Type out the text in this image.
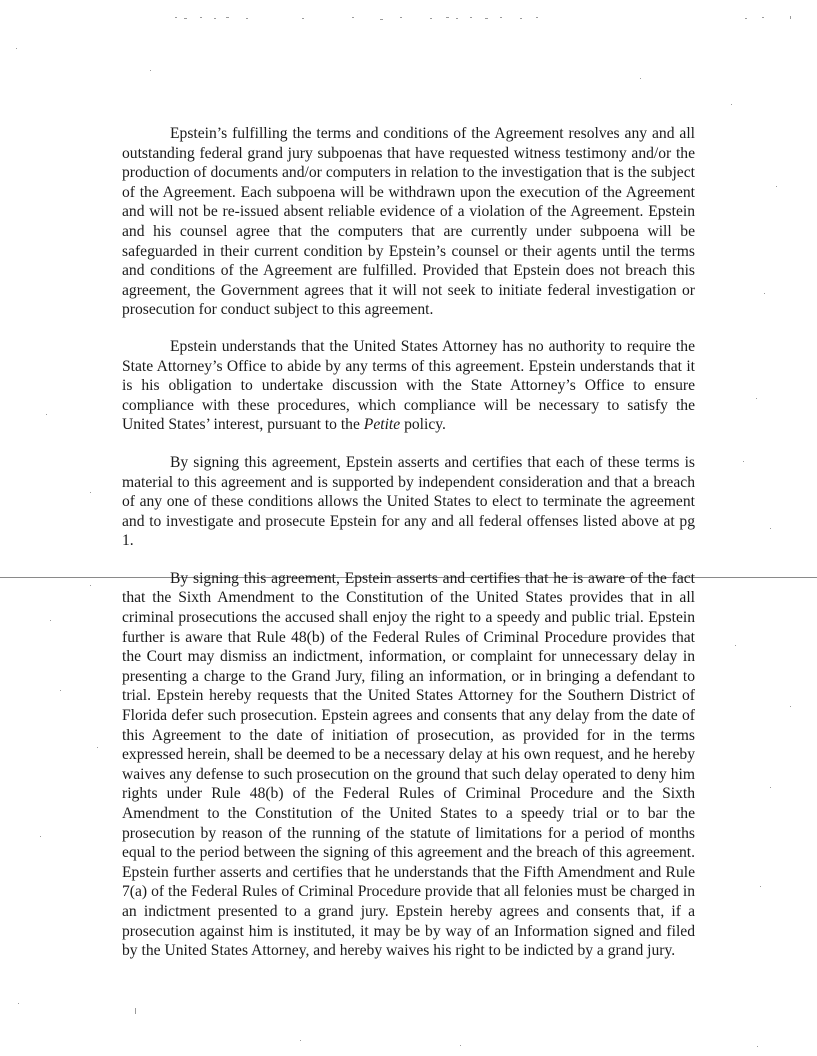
Epstein’s fulfilling the terms and conditions of the Agreement resolves any and all outstanding federal grand jury subpoenas that have requested witness testimony and/or the production of documents and/or computers in relation to the investigation that is the subject of the Agreement. Each subpoena will be withdrawn upon the execution of the Agreement and will not be re-issued absent reliable evidence of a violation of the Agreement. Epstein and his counsel agree that the computers that are currently under subpoena will be safeguarded in their current condition by Epstein’s counsel or their agents until the terms and conditions of the Agreement are fulfilled. Provided that Epstein does not breach this agreement, the Government agrees that it will not seek to initiate federal investigation or prosecution for conduct subject to this agreement.

Epstein understands that the United States Attorney has no authority to require the State Attorney’s Office to abide by any terms of this agreement. Epstein understands that it is his obligation to undertake discussion with the State Attorney’s Office to ensure compliance with these procedures, which compliance will be necessary to satisfy the United States’ interest, pursuant to the Petite policy.

By signing this agreement, Epstein asserts and certifies that each of these terms is material to this agreement and is supported by independent consideration and that a breach of any one of these conditions allows the United States to elect to terminate the agreement and to investigate and prosecute Epstein for any and all federal offenses listed above at pg 1.

By signing this agreement, Epstein asserts and certifies that he is aware of the fact that the Sixth Amendment to the Constitution of the United States provides that in all criminal prosecutions the accused shall enjoy the right to a speedy and public trial. Epstein further is aware that Rule 48(b) of the Federal Rules of Criminal Procedure provides that the Court may dismiss an indictment, information, or complaint for unnecessary delay in presenting a charge to the Grand Jury, filing an information, or in bringing a defendant to trial. Epstein hereby requests that the United States Attorney for the Southern District of Florida defer such prosecution. Epstein agrees and consents that any delay from the date of this Agreement to the date of initiation of prosecution, as provided for in the terms expressed herein, shall be deemed to be a necessary delay at his own request, and he hereby waives any defense to such prosecution on the ground that such delay operated to deny him rights under Rule 48(b) of the Federal Rules of Criminal Procedure and the Sixth Amendment to the Constitution of the United States to a speedy trial or to bar the prosecution by reason of the running of the statute of limitations for a period of months equal to the period between the signing of this agreement and the breach of this agreement. Epstein further asserts and certifies that he understands that the Fifth Amendment and Rule 7(a) of the Federal Rules of Criminal Procedure provide that all felonies must be charged in an indictment presented to a grand jury. Epstein hereby agrees and consents that, if a prosecution against him is instituted, it may be by way of an Information signed and filed by the United States Attorney, and hereby waives his right to be indicted by a grand jury.
